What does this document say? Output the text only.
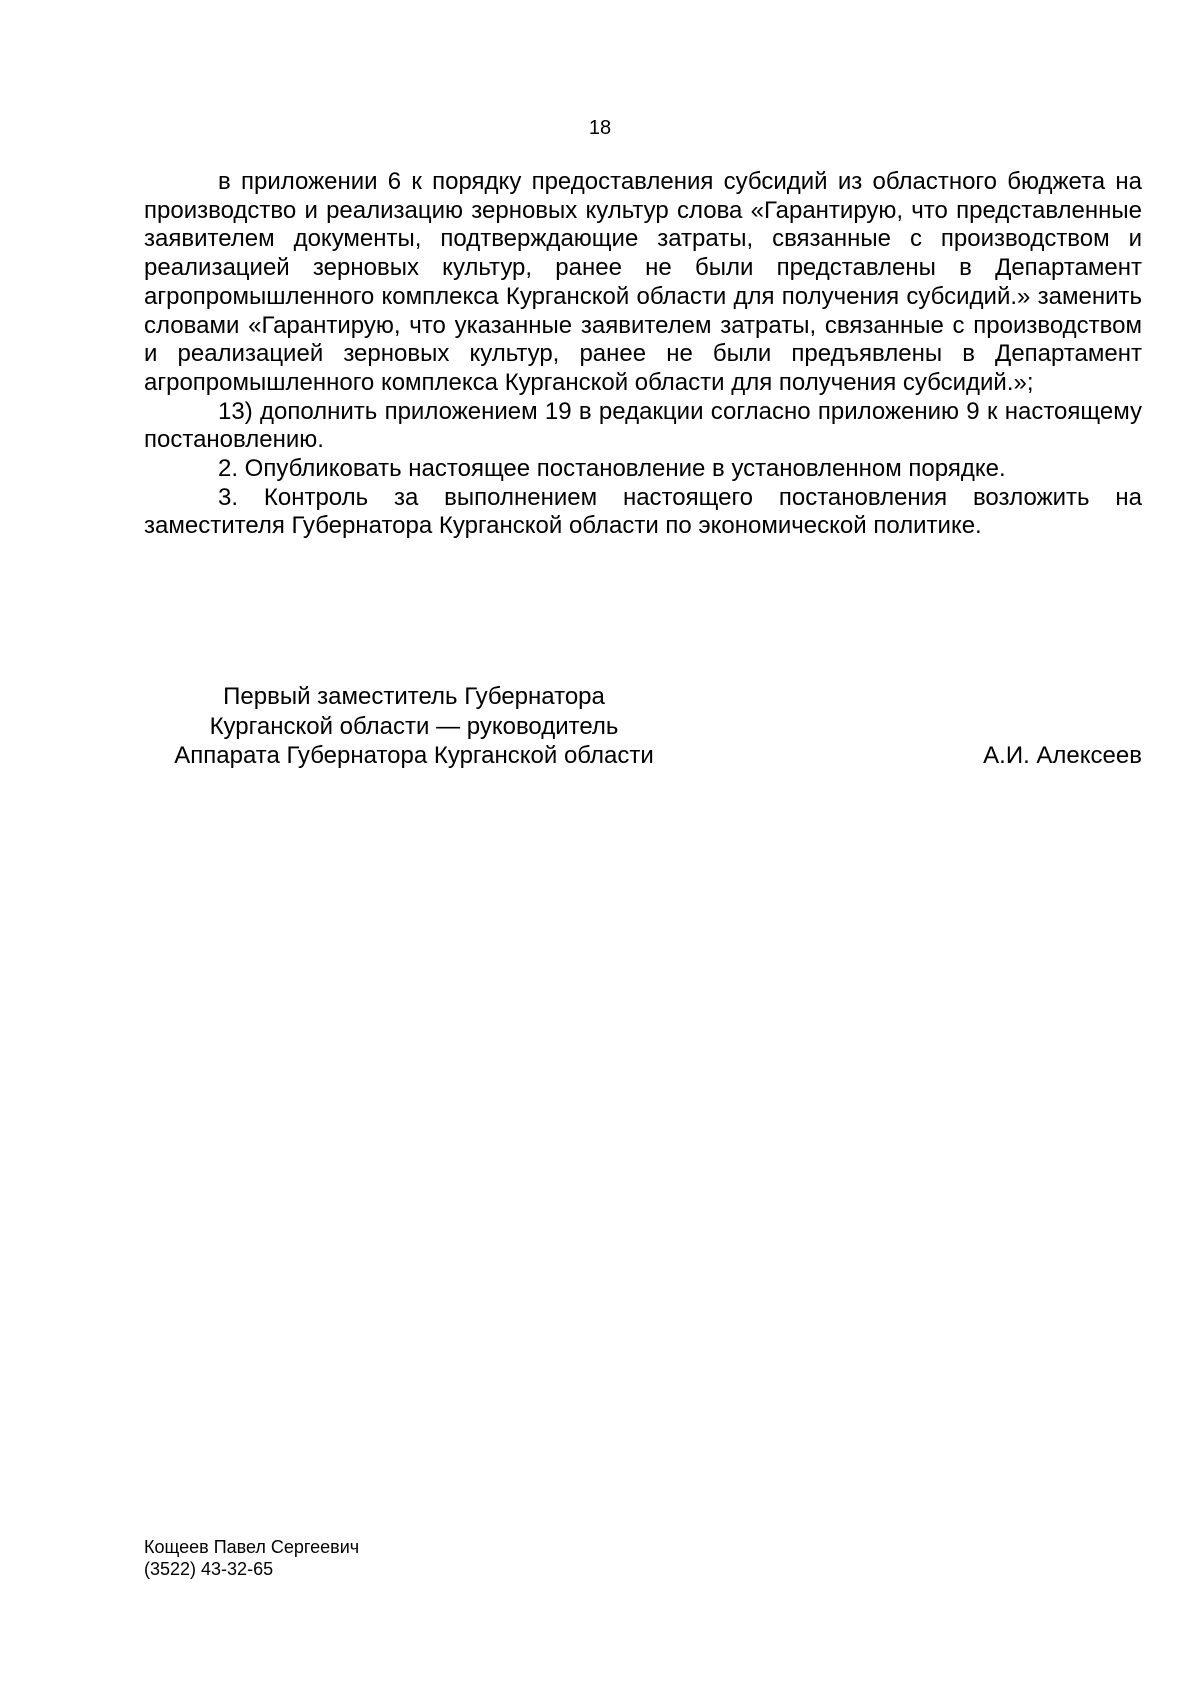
18

в приложении 6 к порядку предоставления субсидий из областного бюджета на производство и реализацию зерновых культур слова «Гарантирую, что представленные заявителем документы, подтверждающие затраты, связанные с производством и реализацией зерновых культур, ранее не были представлены в Департамент агропромышленного комплекса Курганской области для получения субсидий.» заменить словами «Гарантирую, что указанные заявителем затраты, связанные с производством и реализацией зерновых культур, ранее не были предъявлены в Департамент агропромышленного комплекса Курганской области для получения субсидий.»;

13) дополнить приложением 19 в редакции согласно приложению 9 к настоящему постановлению.

2. Опубликовать настоящее постановление в установленном порядке.

3. Контроль за выполнением настоящего постановления возложить на заместителя Губернатора Курганской области по экономической политике.

Первый заместитель Губернатора
Курганской области — руководитель
Аппарата Губернатора Курганской области	А.И. Алексеев
Кощеев Павел Сергеевич
(3522) 43-32-65
